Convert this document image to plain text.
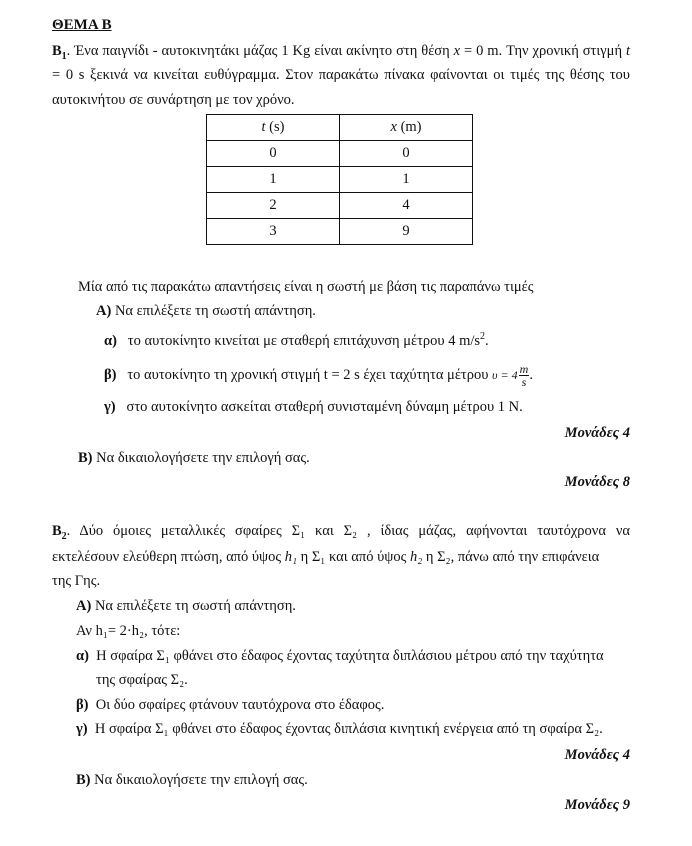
ΘΕΜΑ Β
$B_1$. Ένα παιγνίδι - αυτοκινητάκι μάζας 1 Kg είναι ακίνητο στη θέση x = 0 m. Την χρονική στιγμή t
= 0 s ξεκινά να κινείται ευθύγραμμα. Στον παρακάτω πίνακα φαίνονται οι τιμές της θέσης του
αυτοκινήτου σε συνάρτηση με τον χρόνο.
t (s)	x (m)
0	0
1	1
2	4
3	9
Μία από τις παρακάτω απαντήσεις είναι η σωστή με βάση τις παραπάνω τιμές
Α) Να επιλέξετε τη σωστή απάντηση.
α) το αυτοκίνητο κινείται με σταθερή επιτάχυνση μέτρου 4 $m/s^2$.
β) το αυτοκίνητο τη χρονική στιγμή t = 2 s έχει ταχύτητα μέτρου $\upsilon = 4 \frac{m}{s}$ .
γ) στο αυτοκίνητο ασκείται σταθερή συνισταμένη δύναμη μέτρου 1 Ν.
Μονάδες 4
Β) Να δικαιολογήσετε την επιλογή σας.
Μονάδες 8
$B_2$. Δύο όμοιες μεταλλικές σφαίρες Σ₁ και Σ₂ , ίδιας μάζας, αφήνονται ταυτόχρονα να
εκτελέσουν ελεύθερη πτώση, από ύψος h₁ η Σ₁ και από ύψος h₂ η Σ₂, πάνω από την επιφάνεια
της Γης.
Α) Να επιλέξετε τη σωστή απάντηση.
Αν h₁= 2·h₂, τότε:
α) Η σφαίρα Σ₁ φθάνει στο έδαφος έχοντας ταχύτητα διπλάσιου μέτρου από την ταχύτητα
της σφαίρας Σ₂.
β) Οι δύο σφαίρες φτάνουν ταυτόχρονα στο έδαφος.
γ) Η σφαίρα Σ₁ φθάνει στο έδαφος έχοντας διπλάσια κινητική ενέργεια από τη σφαίρα Σ₂.
Μονάδες 4
Β) Να δικαιολογήσετε την επιλογή σας.
Μονάδες 9
